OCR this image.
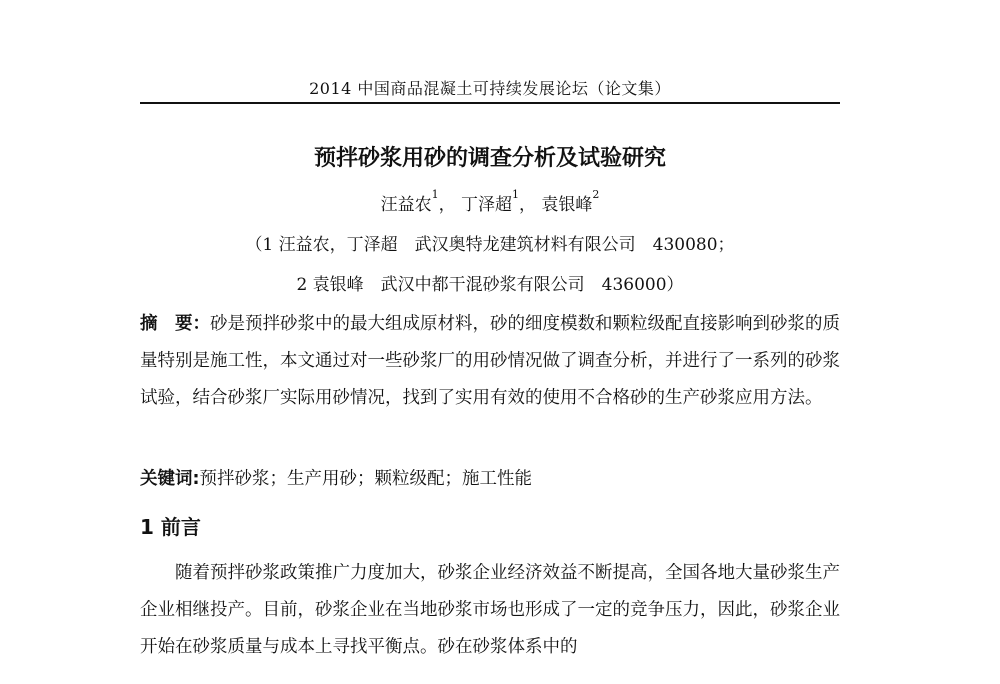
2014 中国商品混凝土可持续发展论坛（论文集）
预拌砂浆用砂的调查分析及试验研究
汪益农$^1$， 丁泽超$^1$， 袁银峰$^2$
（1 汪益农，丁泽超　武汉奥特龙建筑材料有限公司　430080；
2 袁银峰　武汉中都干混砂浆有限公司　436000）
摘　要：砂是预拌砂浆中的最大组成原材料，砂的细度模数和颗粒级配直接影响到砂浆的质量特别是施工性，本文通过对一些砂浆厂的用砂情况做了调查分析，并进行了一系列的砂浆试验，结合砂浆厂实际用砂情况，找到了实用有效的使用不合格砂的生产砂浆应用方法。
关键词:预拌砂浆；生产用砂；颗粒级配；施工性能
1 前言
随着预拌砂浆政策推广力度加大，砂浆企业经济效益不断提高，全国各地大量砂浆生产企业相继投产。目前，砂浆企业在当地砂浆市场也形成了一定的竞争压力，因此，砂浆企业开始在砂浆质量与成本上寻找平衡点。砂在砂浆体系中的
